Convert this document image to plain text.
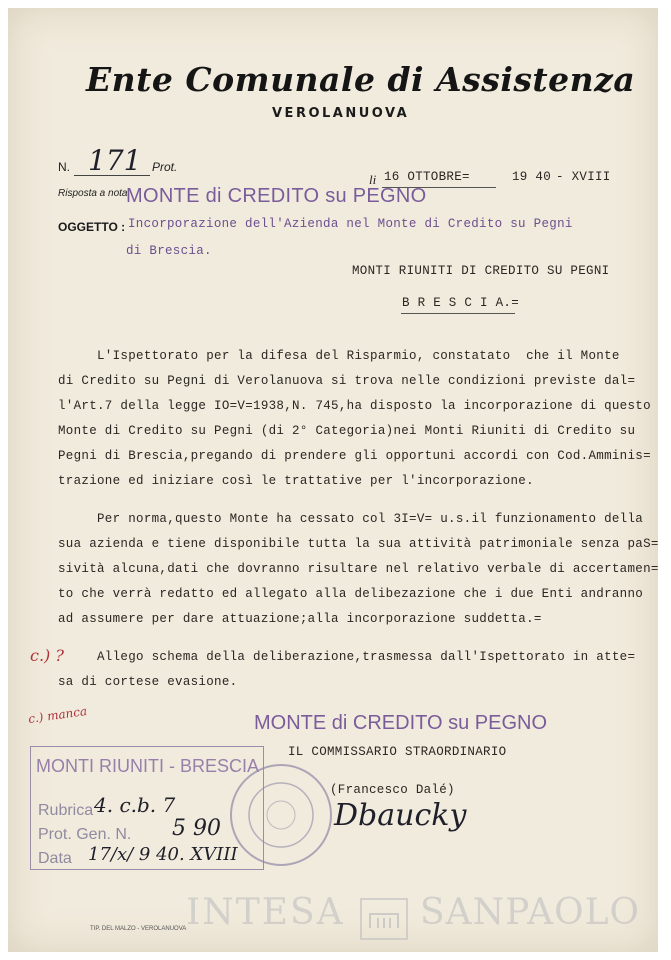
Ente Comunale di Assistenza
VEROLANUOVA
N. 171 Prot.
li 16 OTTOBRE=	19 40 - XVIII
Risposta a nota
MONTE di CREDITO su PEGNO
OGGETTO : Incorporazione dell'Azienda nel Monte di Credito su Pegni
di Brescia.
MONTI RIUNITI DI CREDITO SU PEGNI
B R E S C I A.=
L'Ispettorato per la difesa del Risparmio, constatato  che il Monte
di Credito su Pegni di Verolanuova si trova nelle condizioni previste dal=
l'Art.7 della legge IO=V=1938,N. 745,ha disposto la incorporazione di questo
Monte di Credito su Pegni (di 2° Categoria)nei Monti Riuniti di Credito su
Pegni di Brescia,pregando di prendere gli opportuni accordi con Cod.Amminis=
trazione ed iniziare così le trattative per l'incorporazione.
Per norma,questo Monte ha cessato col 3I=V= u.s.il funzionamento della
sua azienda e tiene disponibile tutta la sua attività patrimoniale senza paS=
sività alcuna,dati che dovranno risultare nel relativo verbale di accertamen=
to che verrà redatto ed allegato alla delibezazione che i due Enti andranno
ad assumere per dare attuazione;alla incorporazione suddetta.=
Allego schema della deliberazione,trasmessa dall'Ispettorato in atte=
sa di cortese evasione.
c.) ?
c.) manca	MONTE di CREDITO su PEGNO
IL COMMISSARIO STRAORDINARIO
(Francesco Dalé)
Dbaucky
MONTI RIUNITI - BRESCIA
Rubrica
Prot. Gen. N.
Data
4. c.b. 7
5 90
17/x/ 9 40. XVIII
TIP. DEL MALZO - VEROLANUOVA INTESA SANPAOLO
